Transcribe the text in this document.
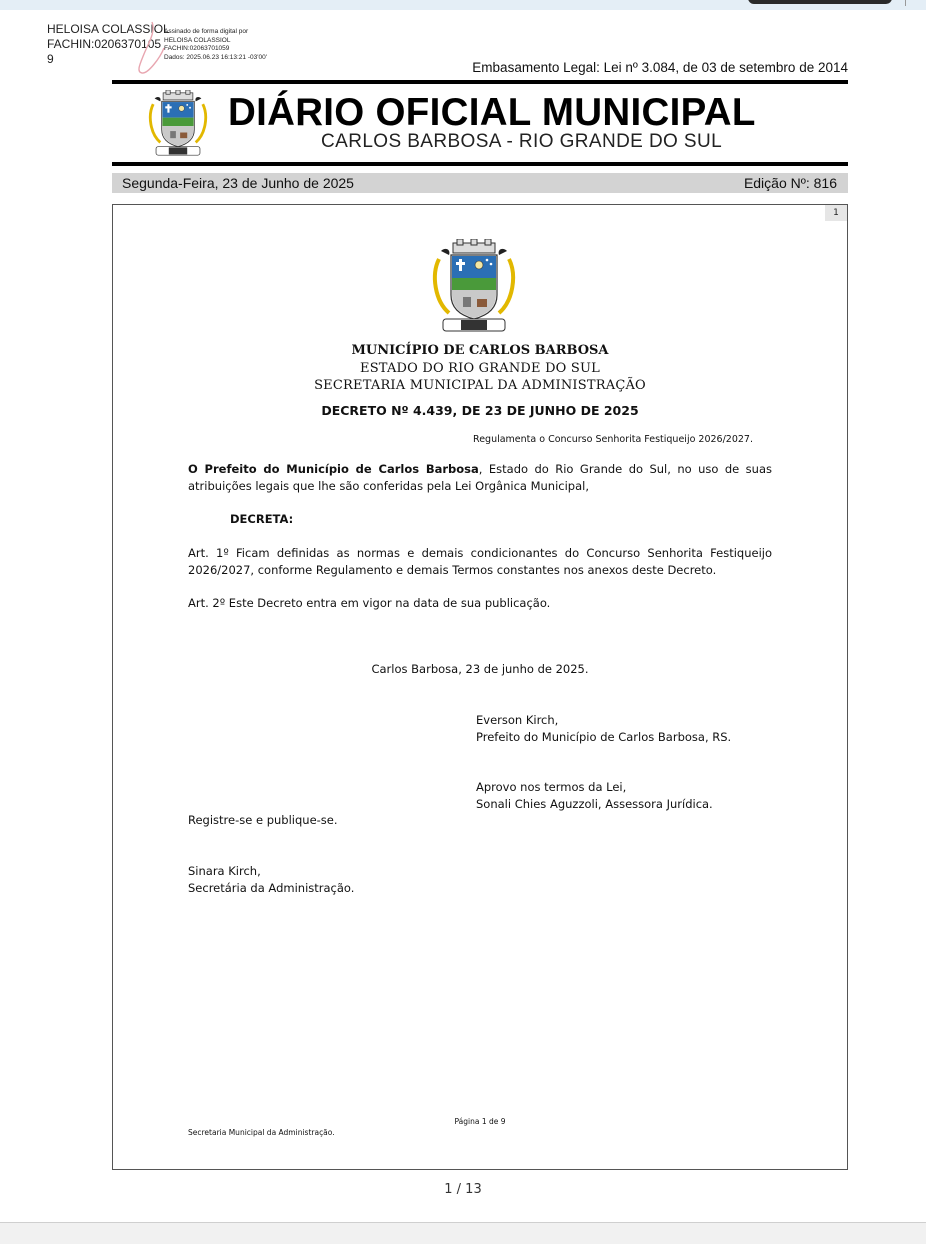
HELOISA COLASSIOL
FACHIN:0206370105
9
Assinado de forma digital por
HELOISA COLASSIOL
FACHIN:02063701059
Dados: 2025.06.23 16:13:21 -03'00'
Embasamento Legal: Lei nº 3.084, de 03 de setembro de 2014
DIÁRIO OFICIAL MUNICIPAL
CARLOS BARBOSA - RIO GRANDE DO SUL
Segunda-Feira, 23 de Junho de 2025	Edição Nº: 816
1
MUNICÍPIO DE CARLOS BARBOSA
ESTADO DO RIO GRANDE DO SUL
SECRETARIA MUNICIPAL DA ADMINISTRAÇÃO
DECRETO Nº 4.439, DE 23 DE JUNHO DE 2025
Regulamenta o Concurso Senhorita Festiqueijo 2026/2027.
O Prefeito do Município de Carlos Barbosa, Estado do Rio Grande do Sul, no uso de suas atribuições legais que lhe são conferidas pela Lei Orgânica Municipal,
DECRETA:
Art. 1º Ficam definidas as normas e demais condicionantes do Concurso Senhorita Festiqueijo 2026/2027, conforme Regulamento e demais Termos constantes nos anexos deste Decreto.
Art. 2º Este Decreto entra em vigor na data de sua publicação.
Carlos Barbosa, 23 de junho de 2025.
Everson Kirch,
Prefeito do Município de Carlos Barbosa, RS.
Aprovo nos termos da Lei,
Sonali Chies Aguzzoli, Assessora Jurídica.
Registre-se e publique-se.
Sinara Kirch,
Secretária da Administração.
Página 1 de 9
Secretaria Municipal da Administração.
1 / 13
